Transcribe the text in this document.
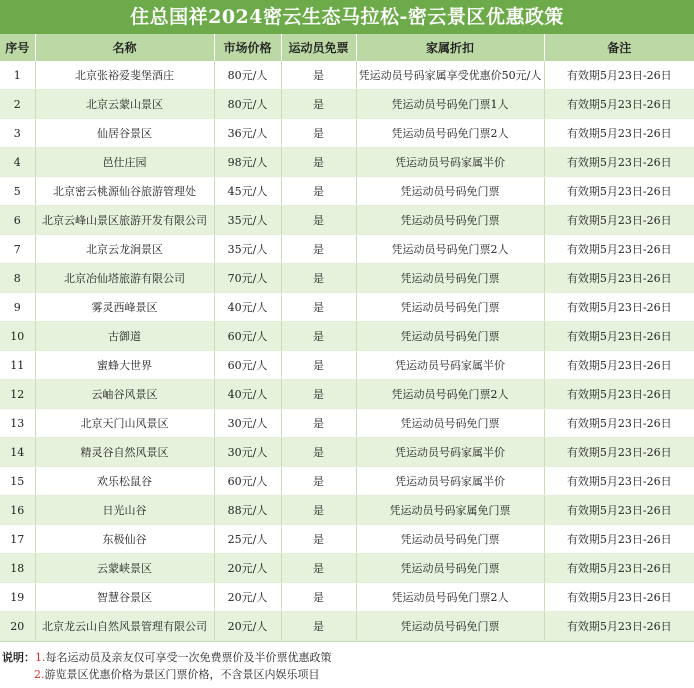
住总国祥2024密云生态马拉松-密云景区优惠政策
序号	名称	市场价格	运动员免票	家属折扣	备注
1	北京张裕爱斐堡酒庄	80元/人	是	凭运动员号码家属享受优惠价50元/人	有效期5月23日-26日
2	北京云蒙山景区	80元/人	是	凭运动员号码免门票1人	有效期5月23日-26日
3	仙居谷景区	36元/人	是	凭运动员号码免门票2人	有效期5月23日-26日
4	邑仕庄园	98元/人	是	凭运动员号码家属半价	有效期5月23日-26日
5	北京密云桃源仙谷旅游管理处	45元/人	是	凭运动员号码免门票	有效期5月23日-26日
6	北京云峰山景区旅游开发有限公司	35元/人	是	凭运动员号码免门票	有效期5月23日-26日
7	北京云龙涧景区	35元/人	是	凭运动员号码免门票2人	有效期5月23日-26日
8	北京冶仙塔旅游有限公司	70元/人	是	凭运动员号码免门票	有效期5月23日-26日
9	雾灵西峰景区	40元/人	是	凭运动员号码免门票	有效期5月23日-26日
10	古御道	60元/人	是	凭运动员号码免门票	有效期5月23日-26日
11	蜜蜂大世界	60元/人	是	凭运动员号码家属半价	有效期5月23日-26日
12	云岫谷风景区	40元/人	是	凭运动员号码免门票2人	有效期5月23日-26日
13	北京天门山风景区	30元/人	是	凭运动员号码免门票	有效期5月23日-26日
14	精灵谷自然风景区	30元/人	是	凭运动员号码家属半价	有效期5月23日-26日
15	欢乐松鼠谷	60元/人	是	凭运动员号码家属半价	有效期5月23日-26日
16	日光山谷	88元/人	是	凭运动员号码家属免门票	有效期5月23日-26日
17	东极仙谷	25元/人	是	凭运动员号码免门票	有效期5月23日-26日
18	云蒙峡景区	20元/人	是	凭运动员号码免门票	有效期5月23日-26日
19	智慧谷景区	20元/人	是	凭运动员号码免门票2人	有效期5月23日-26日
20	北京龙云山自然风景管理有限公司	20元/人	是	凭运动员号码免门票	有效期5月23日-26日
说明：1.每名运动员及亲友仅可享受一次免费票价及半价票优惠政策
2.游览景区优惠价格为景区门票价格，不含景区内娱乐项目
